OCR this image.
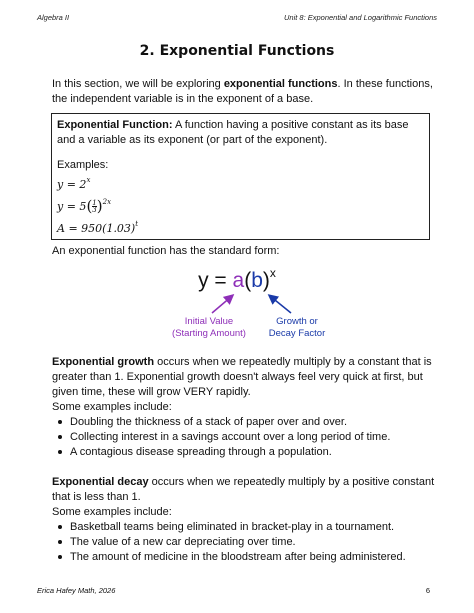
Algebra II	Unit 8: Exponential and Logarithmic Functions
2. Exponential Functions
In this section, we will be exploring exponential functions. In these functions, the independent variable is in the exponent of a base.
Exponential Function: A function having a positive constant as its base and a variable as its exponent (or part of the exponent).
Examples:
$y = 2^x$
$y = 5( \frac{1}{3} )^{2x}$
$A = 950(1.03)^t$
An exponential function has the standard form:
$y = a(b)^x$
Initial Value
(Starting Amount)
Growth or
Decay Factor
Exponential growth occurs when we repeatedly multiply by a constant that is greater than 1. Exponential growth doesn't always feel very quick at first, but given time, these will grow VERY rapidly.
Some examples include:
Doubling the thickness of a stack of paper over and over.
Collecting interest in a savings account over a long period of time.
A contagious disease spreading through a population.
Exponential decay occurs when we repeatedly multiply by a positive constant that is less than 1.
Some examples include:
Basketball teams being eliminated in bracket-play in a tournament.
The value of a new car depreciating over time.
The amount of medicine in the bloodstream after being administered.
Erica Hafey Math, 2026	6
